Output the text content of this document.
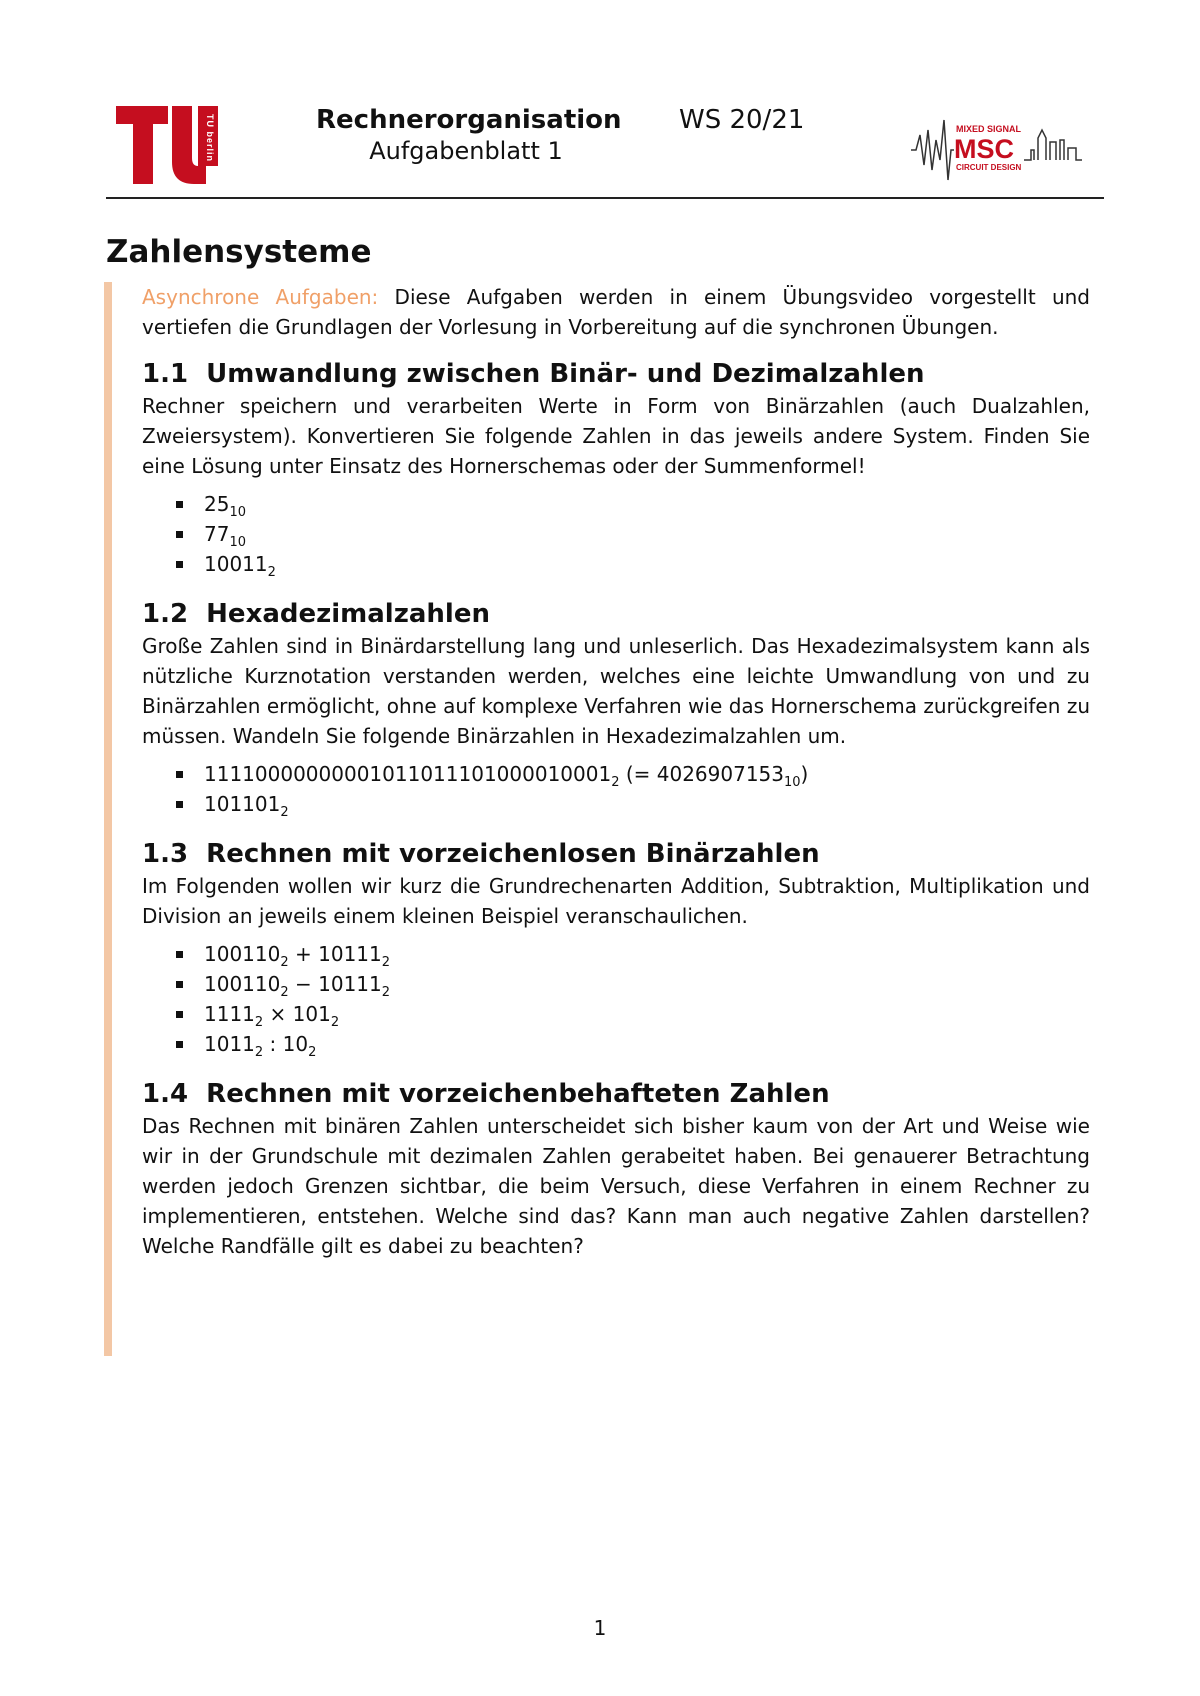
TU berlin	Rechnerorganisation
Aufgabenblatt 1
WS 20/21	MIXED SIGNAL
MSC
CIRCUIT DESIGN
Zahlensysteme

Asynchrone Aufgaben: Diese Aufgaben werden in einem Übungsvideo vorgestellt und vertiefen die Grundlagen der Vorlesung in Vorbereitung auf die synchronen Übungen.

1.1 Umwandlung zwischen Binär- und Dezimalzahlen

Rechner speichern und verarbeiten Werte in Form von Binärzahlen (auch Dualzahlen, Zweiersystem). Konvertieren Sie folgende Zahlen in das jeweils andere System. Finden Sie eine Lösung unter Einsatz des Hornerschemas oder der Summenformel!

$25_{10}$
$77_{10}$
$10011_2$
1.2 Hexadezimalzahlen

Große Zahlen sind in Binärdarstellung lang und unleserlich. Das Hexadezimalsystem kann als nützliche Kurznotation verstanden werden, welches eine leichte Umwandlung von und zu Binärzahlen ermöglicht, ohne auf komplexe Verfahren wie das Hornerschema zurückgreifen zu müssen. Wandeln Sie folgende Binärzahlen in Hexadezimalzahlen um.

$11110000000001011011101000010001_2$ (= $4026907153_{10}$)
$101101_2$
1.3 Rechnen mit vorzeichenlosen Binärzahlen

Im Folgenden wollen wir kurz die Grundrechenarten Addition, Subtraktion, Multiplikation und Division an jeweils einem kleinen Beispiel veranschaulichen.

$100110_2 + 10111_2$
$100110_2 - 10111_2$
$1111_2 \times 101_2$
$1011_2$ : $10_2$
1.4 Rechnen mit vorzeichenbehafteten Zahlen

Das Rechnen mit binären Zahlen unterscheidet sich bisher kaum von der Art und Weise wie wir in der Grundschule mit dezimalen Zahlen gerabeitet haben. Bei genauerer Betrachtung werden jedoch Grenzen sichtbar, die beim Versuch, diese Verfahren in einem Rechner zu implementieren, entstehen. Welche sind das? Kann man auch negative Zahlen darstellen? Welche Randfälle gilt es dabei zu beachten?

1
